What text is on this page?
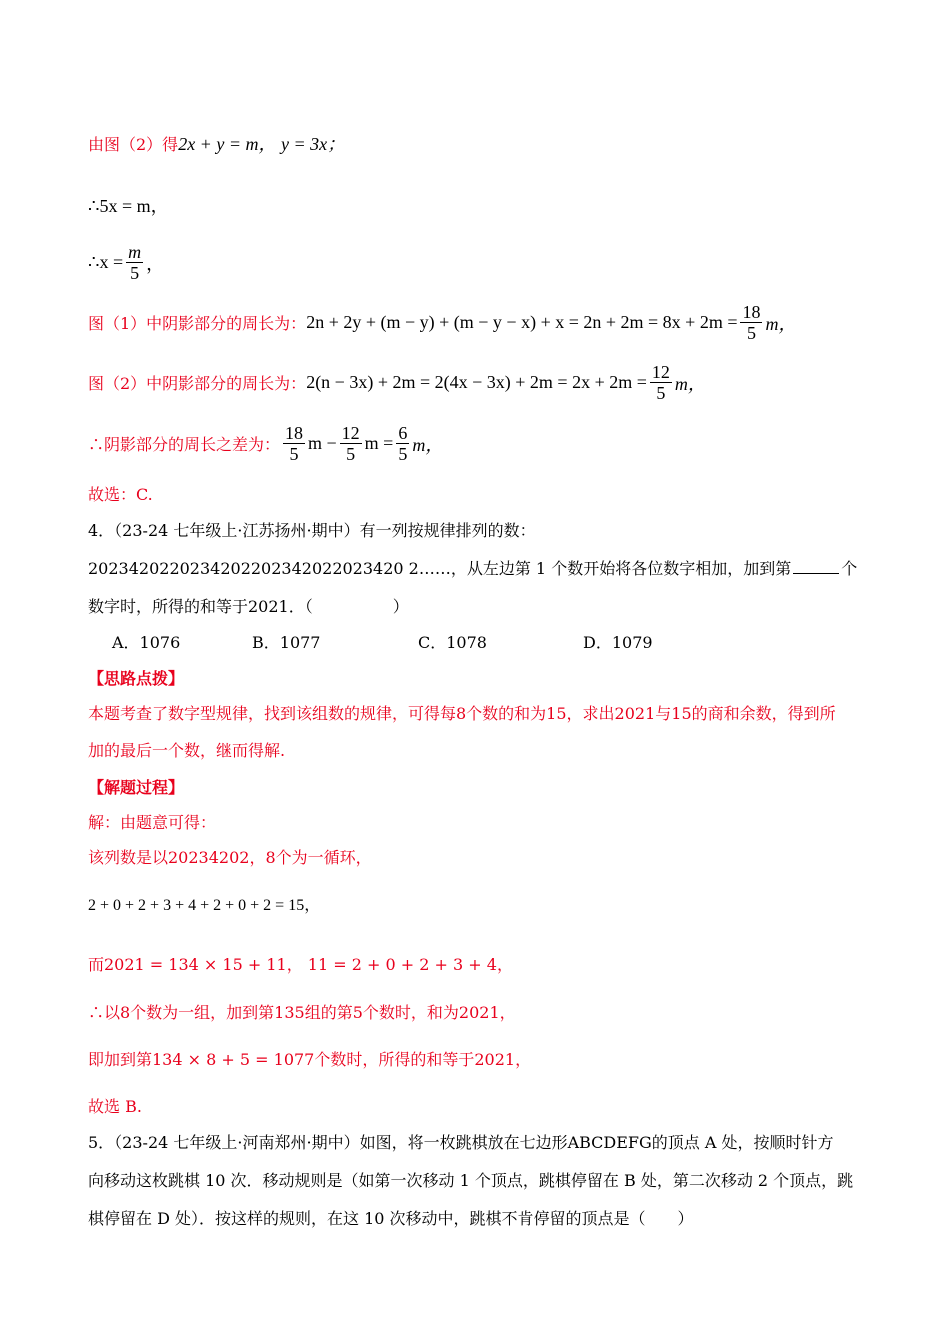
由图（2）得 2x + y = m， y = 3x；
∴5x = m，
∴x = $\frac{m}{5}$ ，
图（1）中阴影部分的周长为： $2n + 2y + (m - y) + (m - y - x) + x = 2n + 2m = 8x + 2m = \frac{18}{5}$ m，
图（2）中阴影部分的周长为： $2(n - 3x) + 2m = 2(4x - 3x) + 2m = 2x + 2m = \frac{12}{5}$ m，
∴阴影部分的周长之差为： $\frac{18}{5}$ $m - \frac{12}{5}$ $m = \frac{6}{5}$ m，
故选：C.
4．（23-24 七年级上·江苏扬州·期中）有一列按规律排列的数：
2023420220234202202342022023420 2……，从左边第 1 个数开始将各位数字相加，加到第	个
数字时，所得的和等于2021．（　　　　　）
A．1076	B．1077	C．1078	D．1079
【思路点拨】
本题考查了数字型规律，找到该组数的规律，可得每8个数的和为15，求出2021与15的商和余数，得到所
加的最后一个数，继而得解.
【解题过程】
解：由题意可得：
该列数是以20234202，8个为一循环，
2 + 0 + 2 + 3 + 4 + 2 + 0 + 2 = 15，
而2021 = 134 × 15 + 11， 11 = 2 + 0 + 2 + 3 + 4，
∴以8个数为一组，加到第135组的第5个数时，和为2021，
即加到第134 × 8 + 5 = 1077个数时，所得的和等于2021，
故选 B.
5．（23-24 七年级上·河南郑州·期中）如图，将一枚跳棋放在七边形ABCDEFG的顶点 A 处，按顺时针方
向移动这枚跳棋 10 次．移动规则是（如第一次移动 1 个顶点，跳棋停留在 B 处，第二次移动 2 个顶点，跳
棋停留在 D 处）．按这样的规则，在这 10 次移动中，跳棋不肯停留的顶点是（　　）
